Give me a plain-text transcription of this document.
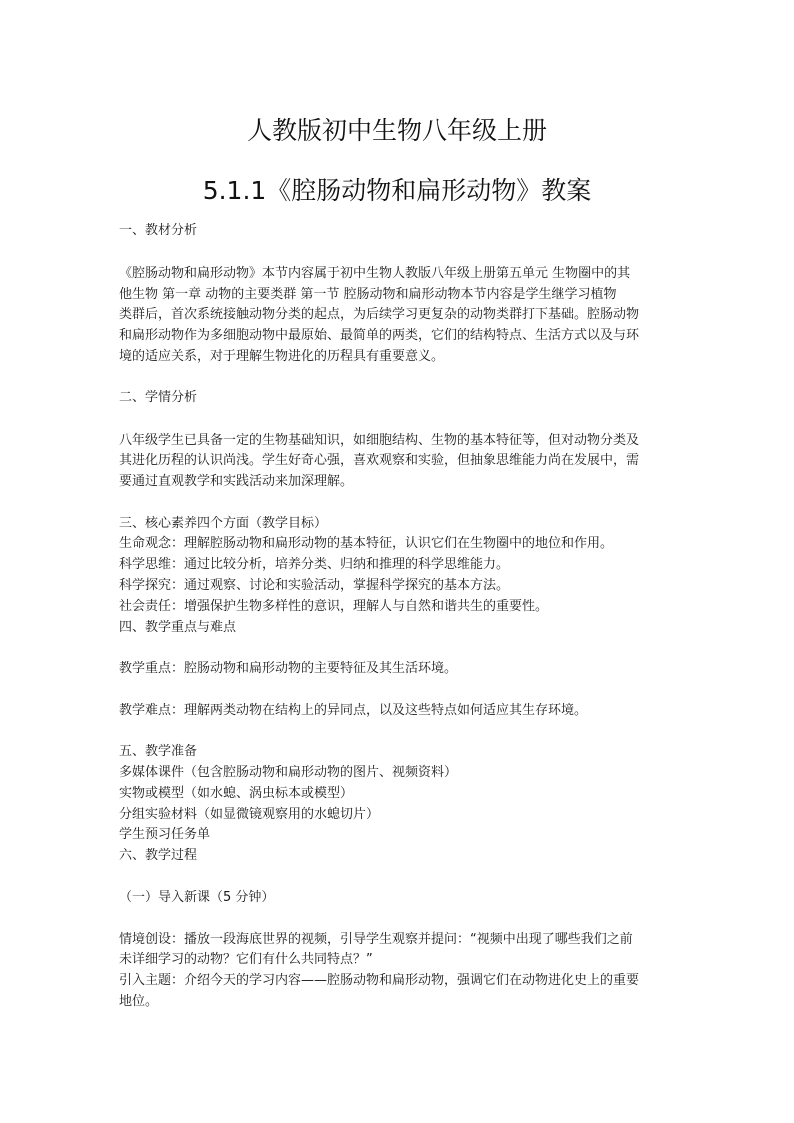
人教版初中生物八年级上册
5.1.1《腔肠动物和扁形动物》教案
一、教材分析
《腔肠动物和扁形动物》本节内容属于初中生物人教版八年级上册第五单元 生物圈中的其
他生物 第一章 动物的主要类群 第一节 腔肠动物和扁形动物本节内容是学生继学习植物
类群后，首次系统接触动物分类的起点，为后续学习更复杂的动物类群打下基础。腔肠动物
和扁形动物作为多细胞动物中最原始、最简单的两类，它们的结构特点、生活方式以及与环
境的适应关系，对于理解生物进化的历程具有重要意义。
二、学情分析
八年级学生已具备一定的生物基础知识，如细胞结构、生物的基本特征等，但对动物分类及
其进化历程的认识尚浅。学生好奇心强，喜欢观察和实验，但抽象思维能力尚在发展中，需
要通过直观教学和实践活动来加深理解。
三、核心素养四个方面（教学目标）
生命观念：理解腔肠动物和扁形动物的基本特征，认识它们在生物圈中的地位和作用。
科学思维：通过比较分析，培养分类、归纳和推理的科学思维能力。
科学探究：通过观察、讨论和实验活动，掌握科学探究的基本方法。
社会责任：增强保护生物多样性的意识，理解人与自然和谐共生的重要性。
四、教学重点与难点
教学重点：腔肠动物和扁形动物的主要特征及其生活环境。
教学难点：理解两类动物在结构上的异同点，以及这些特点如何适应其生存环境。
五、教学准备
多媒体课件（包含腔肠动物和扁形动物的图片、视频资料）
实物或模型（如水螅、涡虫标本或模型）
分组实验材料（如显微镜观察用的水螅切片）
学生预习任务单
六、教学过程
（一）导入新课（5 分钟）
情境创设：播放一段海底世界的视频，引导学生观察并提问：“视频中出现了哪些我们之前
未详细学习的动物？它们有什么共同特点？”
引入主题：介绍今天的学习内容——腔肠动物和扁形动物，强调它们在动物进化史上的重要
地位。
